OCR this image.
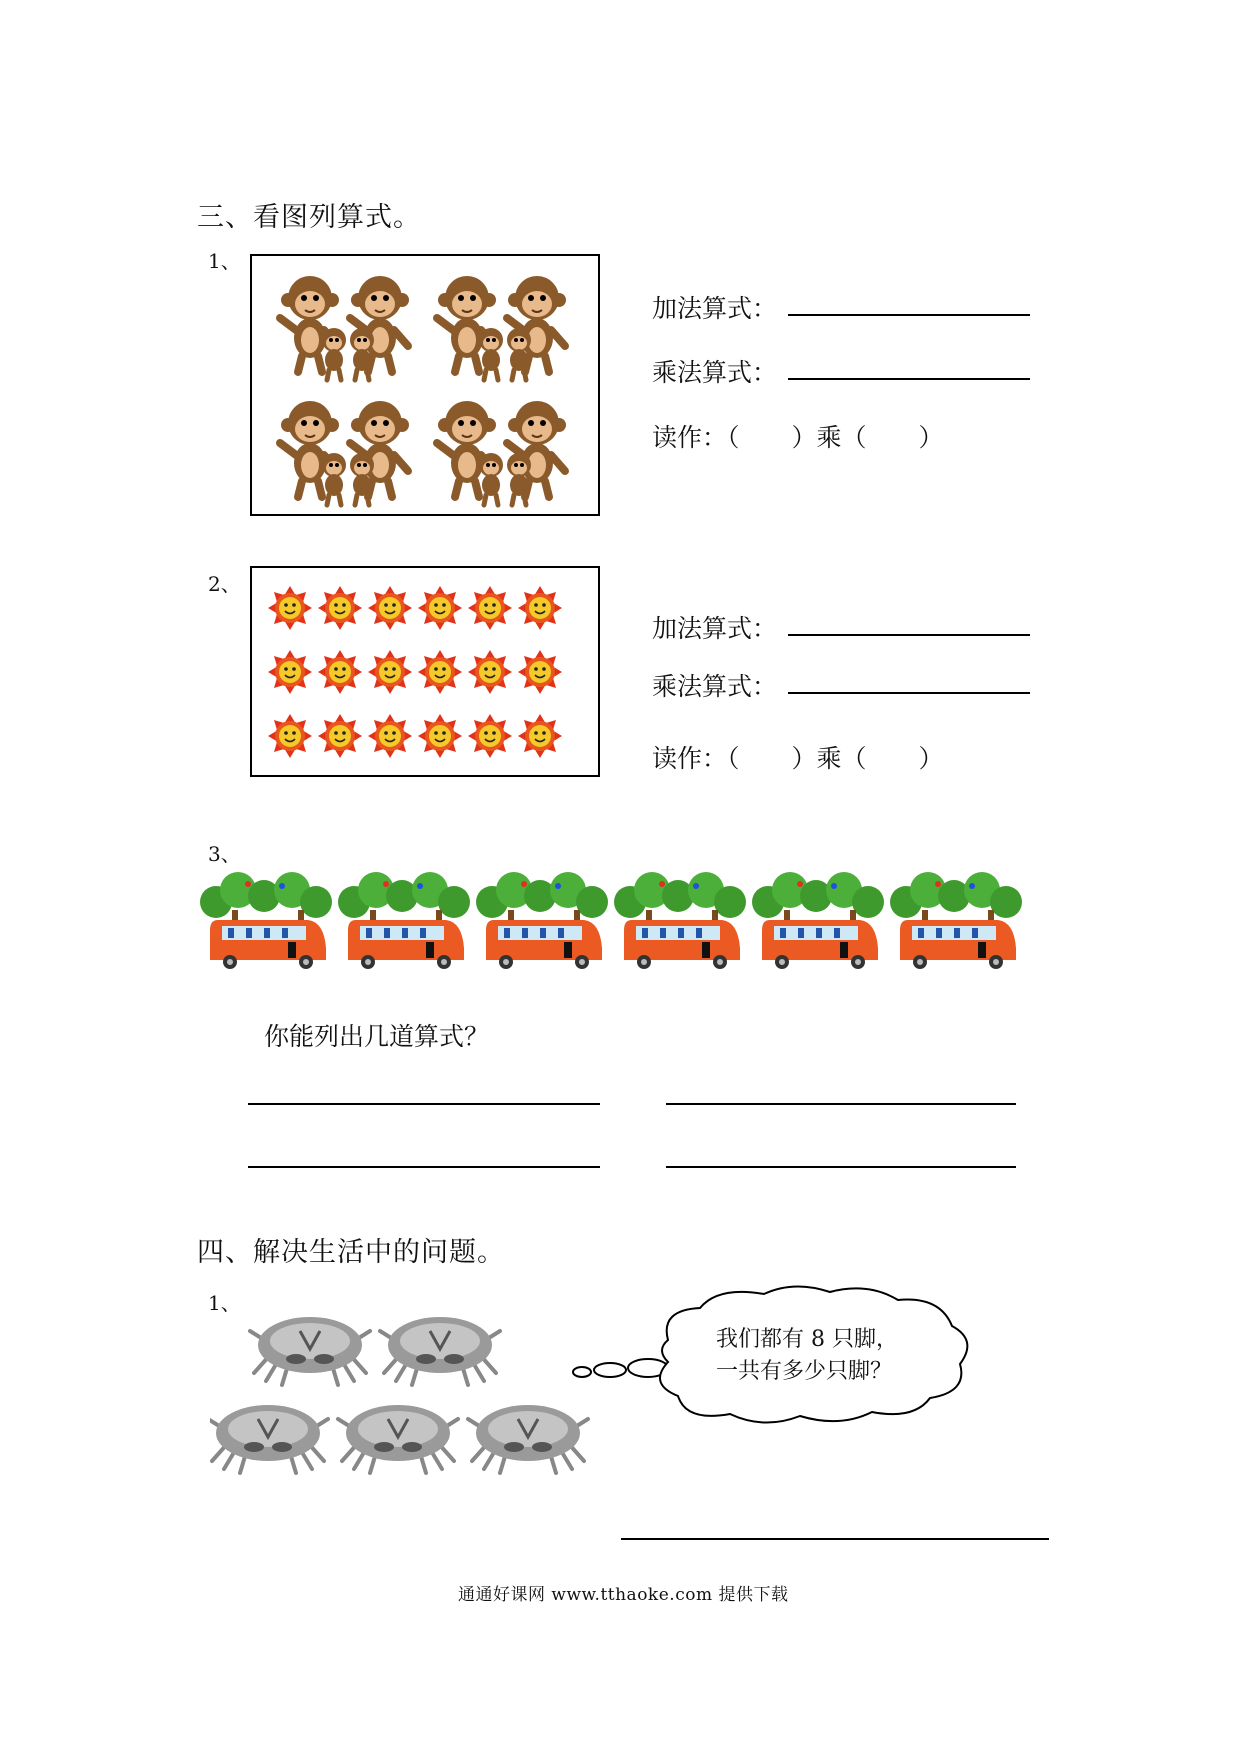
三、看图列算式。
1、
加法算式：
乘法算式：
读作：（ ）乘（ ）
2、
加法算式：
乘法算式：
读作：（ ）乘（ ）
3、
你能列出几道算式？
四、解决生活中的问题。
1、
我们都有 8 只脚，
一共有多少只脚？
通通好课网 www.tthaoke.com 提供下载
